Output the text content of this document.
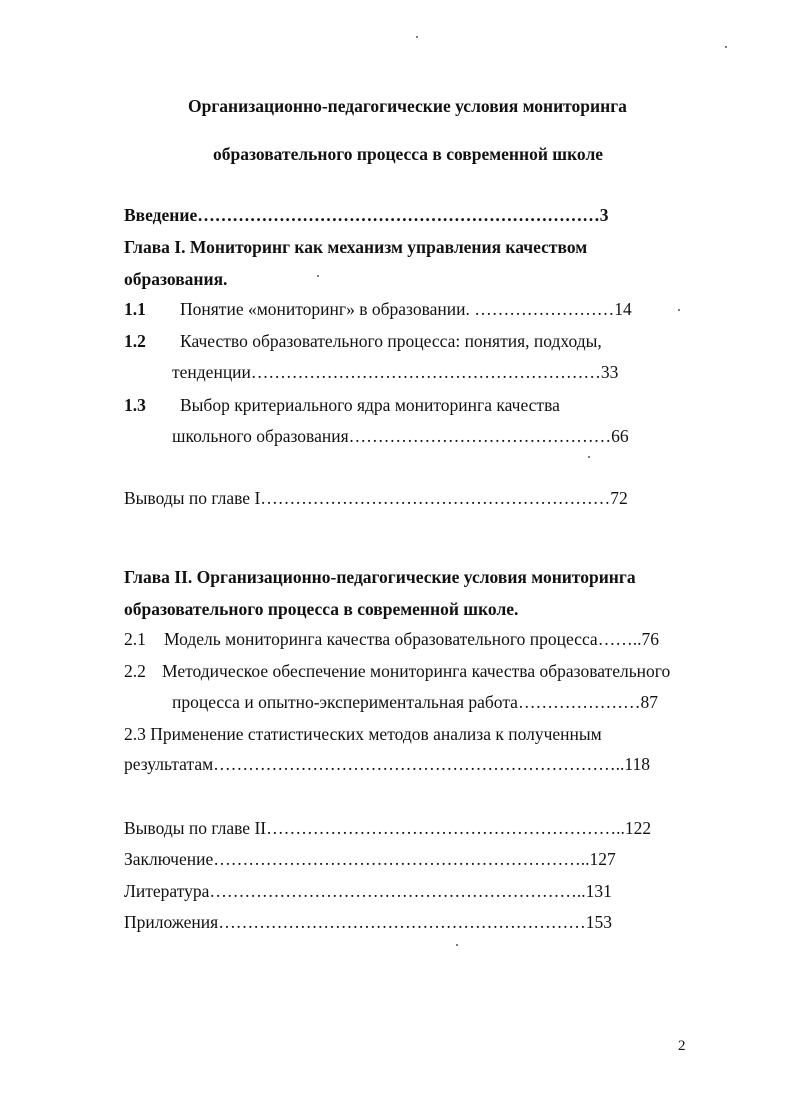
Организационно-педагогические условия мониторинга
образовательного процесса в современной школе
Введение……………………………………………………………3
Глава I. Мониторинг как механизм управления качеством
образования.
1.1 Понятие «мониторинг» в образовании. ……………………14
1.2 Качество образовательного процесса: понятия, подходы,
тенденции……………………………………………………33
1.3 Выбор критериального ядра мониторинга качества
школьного образования………………………………………66
Выводы по главе I……………………………………………………72
Глава II. Организационно-педагогические условия мониторинга
образовательного процесса в современной школе.
2.1 Модель мониторинга качества образовательного процесса……..76
2.2 Методическое обеспечение мониторинга качества образовательного
процесса и опытно-экспериментальная работа…………………87
2.3 Применение статистических методов анализа к полученным
результатам……………………………………………………………..118
Выводы по главе II……………………………………………………..122
Заключение………………………………………………………..127
Литература………………………………………………………..131
Приложения………………………………………………………153
2
